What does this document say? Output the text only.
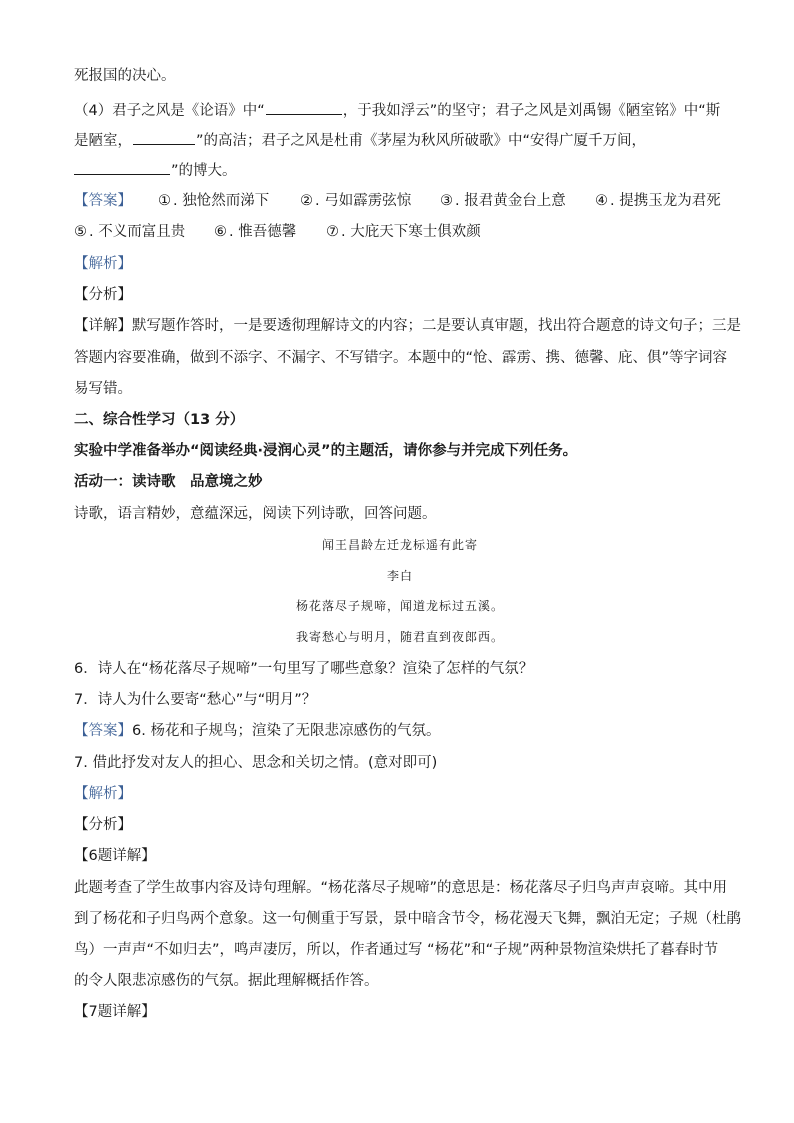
死报国的决心。
（4）君子之风是《论语》中“	，于我如浮云”的坚守；君子之风是刘禹锡《陋室铭》中“斯
是陋室，	”的高洁；君子之风是杜甫《茅屋为秋风所破歌》中“安得广厦千万间，
”的博大。
【答案】 ① . 独怆然而涕下 ② . 弓如霹雳弦惊 ③ . 报君黄金台上意 ④ . 提携玉龙为君死
⑤ . 不义而富且贵 ⑥ . 惟吾德馨 ⑦ . 大庇天下寒士俱欢颜
【解析】
【分析】
【详解】默写题作答时，一是要透彻理解诗文的内容；二是要认真审题，找出符合题意的诗文句子；三是
答题内容要准确，做到不添字、不漏字、不写错字。本题中的“怆、霹雳、携、德馨、庇、俱”等字词容
易写错。
二、综合性学习（13 分）
实验中学准备举办“阅读经典·浸润心灵”的主题活，请你参与并完成下列任务。
活动一：读诗歌　品意境之妙
诗歌，语言精妙，意蕴深远，阅读下列诗歌，回答问题。
闻王昌龄左迁龙标遥有此寄
李白
杨花落尽子规啼，闻道龙标过五溪。
我寄愁心与明月，随君直到夜郎西。
6．诗人在“杨花落尽子规啼”一句里写了哪些意象？渲染了怎样的气氛？
7．诗人为什么要寄“愁心”与“明月”？
【答案】6. 杨花和子规鸟；渲染了无限悲凉感伤的气氛。
7. 借此抒发对友人的担心、思念和关切之情。(意对即可)
【解析】
【分析】
【6题详解】
此题考查了学生故事内容及诗句理解。“杨花落尽子规啼”的意思是：杨花落尽子归鸟声声哀啼。其中用
到了杨花和子归鸟两个意象。这一句侧重于写景，景中暗含节令，杨花漫天飞舞，飘泊无定；子规（杜鹃
鸟）一声声“不如归去”，鸣声凄厉，所以，作者通过写 “杨花”和“子规”两种景物渲染烘托了暮春时节
的令人限悲凉感伤的气氛。据此理解概括作答。
【7题详解】
